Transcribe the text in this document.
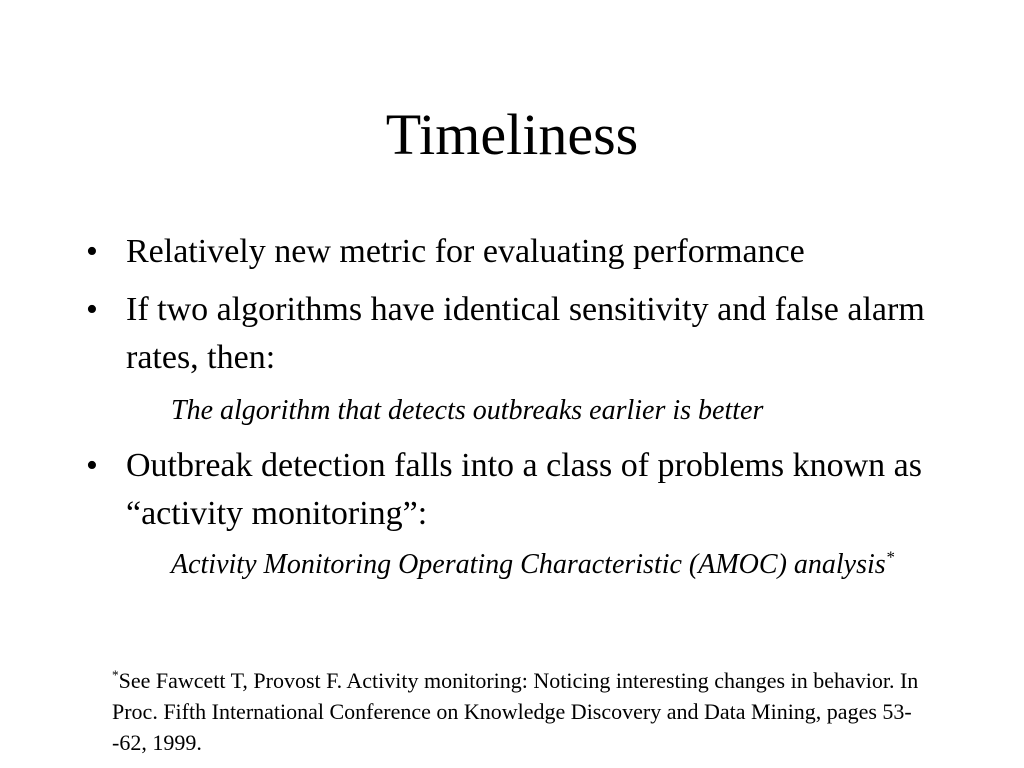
Timeliness
• Relatively new metric for evaluating performance
• If two algorithms have identical sensitivity and false alarm rates, then:
The algorithm that detects outbreaks earlier is better
• Outbreak detection falls into a class of problems known as “activity monitoring”:
Activity Monitoring Operating Characteristic (AMOC) analysis*
*See Fawcett T, Provost F. Activity monitoring: Noticing interesting changes in behavior. In Proc. Fifth International Conference on Knowledge Discovery and Data Mining, pages 53--62, 1999.
